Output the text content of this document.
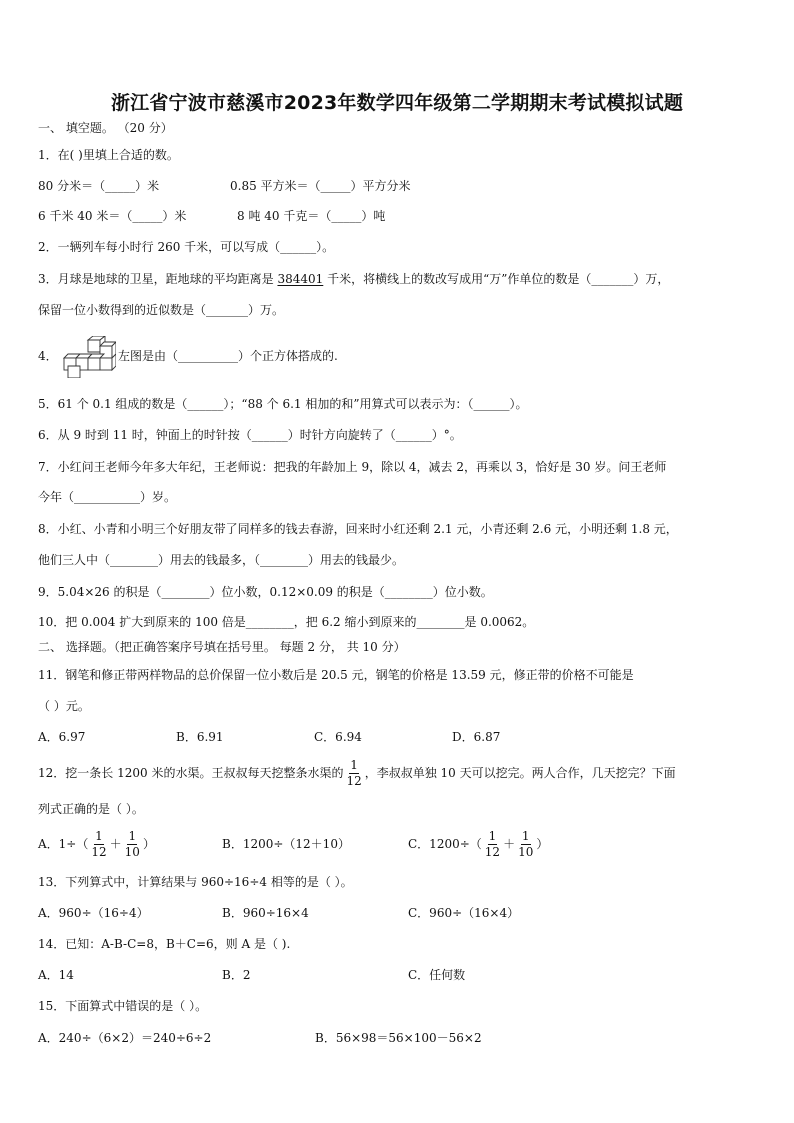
浙江省宁波市慈溪市2023年数学四年级第二学期期末考试模拟试题
一、 填空题。 （20 分）
1．在( )里填上合适的数。
80 分米＝（_____）米	0.85 平方米＝（_____）平方分米
6 千米 40 米＝（_____）米	8 吨 40 千克＝（_____）吨
2．一辆列车每小时行 260 千米，可以写成（______）。
3．月球是地球的卫星，距地球的平均距离是 384401 千米，将横线上的数改写成用“万”作单位的数是（_______）万，
保留一位小数得到的近似数是（_______）万。
4．	左图是由（__________）个正方体搭成的.
5．61 个 0.1 组成的数是（______）；“88 个 6.1 相加的和”用算式可以表示为：（______）。
6．从 9 时到 11 时，钟面上的时针按（______）时针方向旋转了（______）°。
7．小红问王老师今年多大年纪，王老师说：把我的年龄加上 9，除以 4，减去 2，再乘以 3，恰好是 30 岁。问王老师
今年（___________）岁。
8．小红、小青和小明三个好朋友带了同样多的钱去春游，回来时小红还剩 2.1 元，小青还剩 2.6 元，小明还剩 1.8 元，
他们三人中（________）用去的钱最多，（________）用去的钱最少。
9．5.04×26 的积是（________）位小数，0.12×0.09 的积是（________）位小数。
10．把 0.004 扩大到原来的 100 倍是________，把 6.2 缩小到原来的________是 0.0062。
二、 选择题。（把正确答案序号填在括号里。 每题 2 分， 共 10 分）
11．钢笔和修正带两样物品的总价保留一位小数后是 20.5 元，钢笔的价格是 13.59 元，修正带的价格不可能是
（ ）元。
A．6.97	B．6.91	C．6.94	D．6.87
12．挖一条长 1200 米的水渠。王叔叔每天挖整条水渠的 $\frac{1}{12}$ ，李叔叔单独 10 天可以挖完。两人合作，几天挖完？下面
列式正确的是（ ）。
A．$1\div( \frac{1}{12} + \frac{1}{10}$ ）	B．1200÷（12＋10）	C．$1200\div( \frac{1}{12} + \frac{1}{10}$ ）
13．下列算式中，计算结果与 960÷16÷4 相等的是（ ）。
A．960÷（16÷4）	B．960÷16×4	C．960÷（16×4）
14．已知：A-B-C=8，B＋C=6，则 A 是（ ).
A．14	B．2	C．任何数
15．下面算式中错误的是（ ）。
A．240÷（6×2）＝240÷6÷2	B．56×98＝56×100－56×2
